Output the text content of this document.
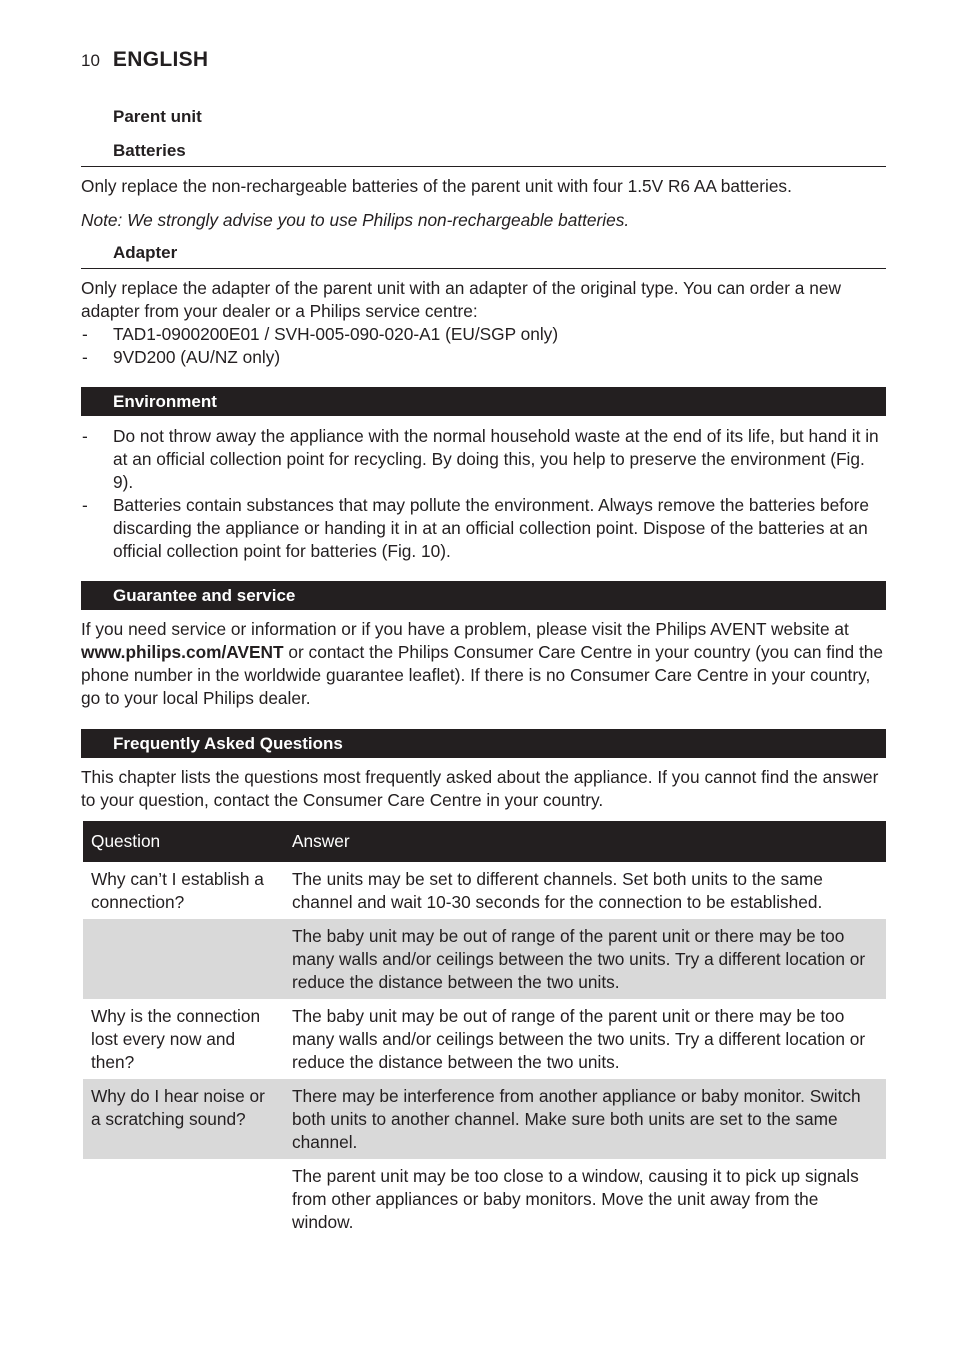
10 ENGLISH
Parent unit
Batteries
Only replace the non-rechargeable batteries of the parent unit with four 1.5V R6 AA batteries.
Note: We strongly advise you to use Philips non-rechargeable batteries.
Adapter
Only replace the adapter of the parent unit with an adapter of the original type. You can order a new adapter from your dealer or a Philips service centre:
- TAD1-0900200E01 / SVH-005-090-020-A1 (EU/SGP only)
- 9VD200 (AU/NZ only)
Environment
- Do not throw away the appliance with the normal household waste at the end of its life, but hand it in at an official collection point for recycling. By doing this, you help to preserve the environment (Fig. 9).
- Batteries contain substances that may pollute the environment. Always remove the batteries before discarding the appliance or handing it in at an official collection point. Dispose of the batteries at an official collection point for batteries (Fig. 10).
Guarantee and service
If you need service or information or if you have a problem, please visit the Philips AVENT website at www.philips.com/AVENT or contact the Philips Consumer Care Centre in your country (you can find the phone number in the worldwide guarantee leaflet). If there is no Consumer Care Centre in your country, go to your local Philips dealer.
Frequently Asked Questions
This chapter lists the questions most frequently asked about the appliance. If you cannot find the answer to your question, contact the Consumer Care Centre in your country.
Question	Answer
Why can’t I establish a connection?	The units may be set to different channels. Set both units to the same channel and wait 10-30 seconds for the connection to be established.
	The baby unit may be out of range of the parent unit or there may be too many walls and/or ceilings between the two units. Try a different location or reduce the distance between the two units.
Why is the connection lost every now and then?	The baby unit may be out of range of the parent unit or there may be too many walls and/or ceilings between the two units. Try a different location or reduce the distance between the two units.
Why do I hear noise or a scratching sound?	There may be interference from another appliance or baby monitor. Switch both units to another channel. Make sure both units are set to the same channel.
	The parent unit may be too close to a window, causing it to pick up signals from other appliances or baby monitors. Move the unit away from the window.
